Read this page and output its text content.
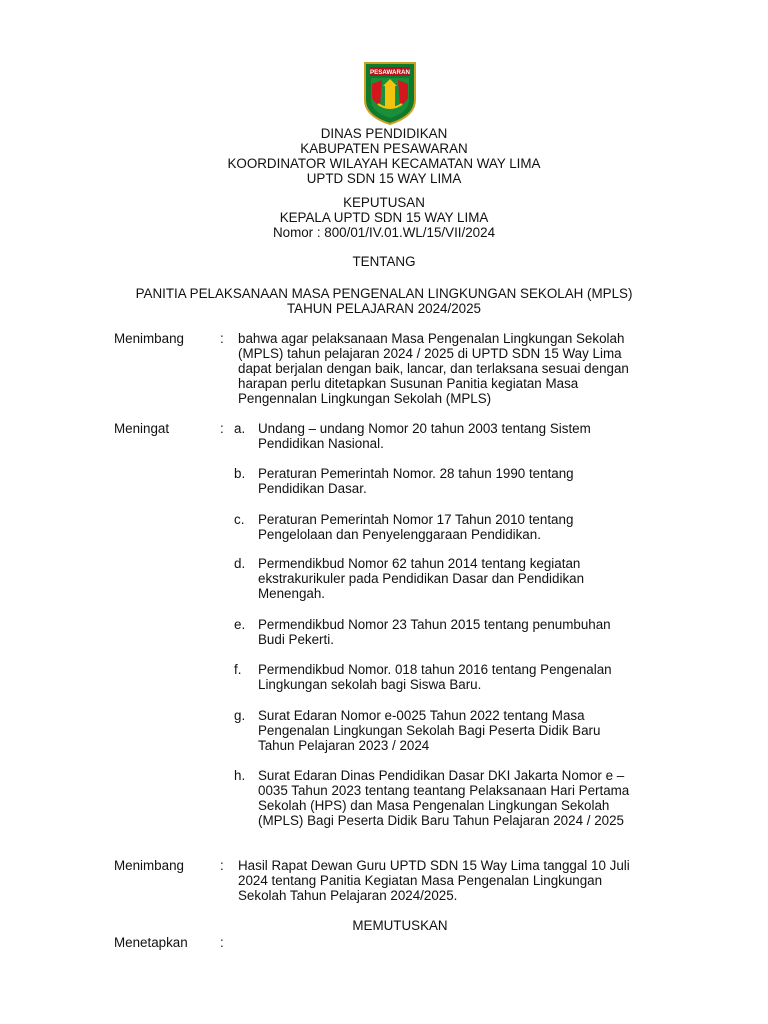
PESAWARAN
DINAS PENDIDIKAN
KABUPATEN PESAWARAN
KOORDINATOR WILAYAH KECAMATAN WAY LIMA
UPTD SDN 15 WAY LIMA
KEPUTUSAN
KEPALA UPTD SDN 15 WAY LIMA
Nomor : 800/01/IV.01.WL/15/VII/2024
TENTANG
PANITIA PELAKSANAAN MASA PENGENALAN LINGKUNGAN SEKOLAH (MPLS)
TAHUN PELAJARAN 2024/2025
Menimbang	: bahwa agar pelaksanaan Masa Pengenalan Lingkungan Sekolah
(MPLS) tahun pelajaran 2024 / 2025 di UPTD SDN 15 Way Lima
dapat berjalan dengan baik, lancar, dan terlaksana sesuai dengan
harapan perlu ditetapkan Susunan Panitia kegiatan Masa
Pengennalan Lingkungan Sekolah (MPLS)
Meningat	: a. Undang – undang Nomor 20 tahun 2003 tentang Sistem
Pendidikan Nasional.
b. Peraturan Pemerintah Nomor. 28 tahun 1990 tentang
Pendidikan Dasar.
c. Peraturan Pemerintah Nomor 17 Tahun 2010 tentang
Pengelolaan dan Penyelenggaraan Pendidikan.
d. Permendikbud Nomor 62 tahun 2014 tentang kegiatan
ekstrakurikuler pada Pendidikan Dasar dan Pendidikan
Menengah.
e. Permendikbud Nomor 23 Tahun 2015 tentang penumbuhan
Budi Pekerti.
f. Permendikbud Nomor. 018 tahun 2016 tentang Pengenalan
Lingkungan sekolah bagi Siswa Baru.
g. Surat Edaran Nomor e-0025 Tahun 2022 tentang Masa
Pengenalan Lingkungan Sekolah Bagi Peserta Didik Baru
Tahun Pelajaran 2023 / 2024
h. Surat Edaran Dinas Pendidikan Dasar DKI Jakarta Nomor e –
0035 Tahun 2023 tentang teantang Pelaksanaan Hari Pertama
Sekolah (HPS) dan Masa Pengenalan Lingkungan Sekolah
(MPLS) Bagi Peserta Didik Baru Tahun Pelajaran 2024 / 2025
Menimbang	: Hasil Rapat Dewan Guru UPTD SDN 15 Way Lima tanggal 10 Juli
2024 tentang Panitia Kegiatan Masa Pengenalan Lingkungan
Sekolah Tahun Pelajaran 2024/2025.
MEMUTUSKAN
Menetapkan :
